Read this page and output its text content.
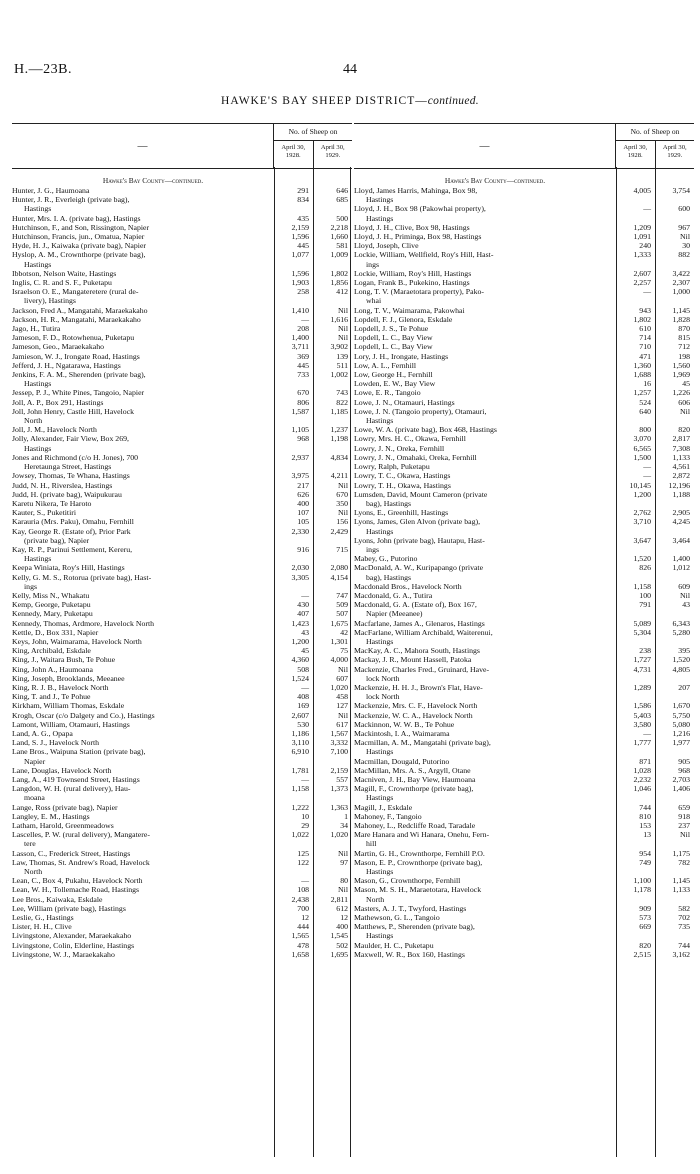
H.—23B.	44
HAWKE'S BAY SHEEP DISTRICT—continued.
—
No. of Sheep on
April 30, 1928.
April 30, 1929.
Hawke's Bay County—continued.
Hunter, J. G., Haumoana	291	646
Hunter, J. R., Everleigh (private bag),
Hastings
834	685
Hunter, Mrs. I. A. (private bag), Hastings	435	500
Hutchinson, F., and Son, Rissington, Napier	2,159	2,218
Hutchinson, Francis, jun., Omatua, Napier	1,596	1,660
Hyde, H. J., Kaiwaka (private bag), Napier	445	581
Hyslop, A. M., Crownthorpe (private bag),
Hastings
1,077	1,009
Ibbotson, Nelson Waite, Hastings	1,596	1,802
Inglis, C. R. and S. F., Puketapu	1,903	1,856
Israelson O. E., Mangateretere (rural de-
livery), Hastings
258	412
Jackson, Fred A., Mangatahi, Maraekakaho	1,410	Nil
Jackson, H. R., Mangatahi, Maraekakaho	—	1,616
Jago, H., Tutira	208	Nil
Jameson, F. D., Rotowhenua, Puketapu	1,400	Nil
Jameson, Geo., Maraekakaho	3,711	3,902
Jamieson, W. J., Irongate Road, Hastings	369	139
Jefferd, J. H., Ngatarawa, Hastings	445	511
Jenkins, F. A. M., Sherenden (private bag),
Hastings
733	1,002
Jessep, P. J., White Pines, Tangoio, Napier	670	743
Joll, A. P., Box 291, Hastings	806	822
Joll, John Henry, Castle Hill, Havelock
North
1,587	1,185
Joll, J. M., Havelock North	1,105	1,237
Jolly, Alexander, Fair View, Box 269,
Hastings
968	1,198
Jones and Richmond (c/o H. Jones), 700
Heretaunga Street, Hastings
2,937	4,834
Jowsey, Thomas, Te Whana, Hastings	3,975	4,211
Judd, N. H., Riverslea, Hastings	217	Nil
Judd, H. (private bag), Waipukurau	626	670
Karetu Nikera, Te Haroto	400	350
Kauter, S., Puketitiri	107	Nil
Karauria (Mrs. Paku), Omahu, Fernhill	105	156
Kay, George R. (Estate of), Prior Park
(private bag), Napier
2,330	2,429
Kay, R. P., Parinui Settlement, Kereru,
Hastings
916	715
Keepa Winiata, Roy's Hill, Hastings	2,030	2,080
Kelly, G. M. S., Rotorua (private bag), Hast-
ings
3,305	4,154
Kelly, Miss N., Whakatu	—	747
Kemp, George, Puketapu	430	509
Kennedy, Mary, Puketapu	407	507
Kennedy, Thomas, Ardmore, Havelock North	1,423	1,675
Kettle, D., Box 331, Napier	43	42
Keys, John, Waimarama, Havelock North	1,200	1,301
King, Archibald, Eskdale	45	75
King, J., Waitara Bush, Te Pohue	4,360	4,000
King, John A., Haumoana	508	Nil
King, Joseph, Brooklands, Meeanee	1,524	607
King, R. J. B., Havelock North	—	1,020
King, T. and J., Te Pohue	408	458
Kirkham, William Thomas, Eskdale	169	127
Krogh, Oscar (c/o Dalgety and Co.), Hastings	2,607	Nil
Lamont, William, Otamauri, Hastings	530	617
Land, A. G., Opapa	1,186	1,567
Land, S. J., Havelock North	3,110	3,332
Lane Bros., Waipuna Station (private bag),
Napier
6,910	7,100
Lane, Douglas, Havelock North	1,781	2,159
Lang, A., 419 Townsend Street, Hastings	—	557
Langdon, W. H. (rural delivery), Hau-
moana
1,158	1,373
Lange, Ross (private bag), Napier	1,222	1,363
Langley, E. M., Hastings	10	1
Latham, Harold, Greenmeadows	29	34
Lascelles, P. W. (rural delivery), Mangatere-
tere
1,022	1,020
Lasson, C., Frederick Street, Hastings	125	Nil
Law, Thomas, St. Andrew's Road, Havelock
North
122	97
Lean, C., Box 4, Pukahu, Havelock North	—	80
Lean, W. H., Tollemache Road, Hastings	108	Nil
Lee Bros., Kaiwaka, Eskdale	2,438	2,811
Lee, William (private bag), Hastings	700	612
Leslie, G., Hastings	12	12
Lister, H. H., Clive	444	400
Livingstone, Alexander, Maraekakaho	1,565	1,545
Livingstone, Colin, Elderline, Hastings	478	502
Livingstone, W. J., Maraekakaho	1,658	1,695
—
No. of Sheep on
April 30, 1928.
April 30, 1929.
Hawke's Bay County—continued.
Lloyd, James Harris, Mahinga, Box 98,
Hastings
4,005	3,754
Lloyd, J. H., Box 98 (Pakowhai property),
Hastings
—	600
Lloyd, J. H., Clive, Box 98, Hastings	1,209	967
Lloyd, J. H., Priminga, Box 98, Hastings	1,091	Nil
Lloyd, Joseph, Clive	240	30
Lockie, William, Wellfield, Roy's Hill, Hast-
ings
1,333	882
Lockie, William, Roy's Hill, Hastings	2,607	3,422
Logan, Frank B., Pukekino, Hastings	2,257	2,307
Long, T. V. (Maraetotara property), Pako-
whai
—	1,000
Long, T. V., Waimarama, Pakowhai	943	1,145
Lopdell, F. J., Glenora, Eskdale	1,802	1,828
Lopdell, J. S., Te Pohue	610	870
Lopdell, L. C., Bay View	714	815
Lopdell, L. C., Bay View	710	712
Lory, J. H., Irongate, Hastings	471	198
Low, A. L., Fernhill	1,360	1,560
Low, George H., Fernhill	1,688	1,969
Lowden, E. W., Bay View	16	45
Lowe, E. R., Tangoio	1,257	1,226
Lowe, J. N., Otamauri, Hastings	524	606
Lowe, J. N. (Tangoio property), Otamauri,
Hastings
640	Nil
Lowe, W. A. (private bag), Box 468, Hastings	800	820
Lowry, Mrs. H. C., Okawa, Fernhill	3,070	2,817
Lowry, J. N., Oreka, Fernhill	6,565	7,308
Lowry, J. N., Omahaki, Oreka, Fernhill	1,500	1,133
Lowry, Ralph, Puketapu	—	4,561
Lowry, T. C., Okawa, Hastings	—	2,872
Lowry, T. H., Okawa, Hastings	10,145	12,196
Lumsden, David, Mount Cameron (private
bag), Hastings
1,200	1,188
Lyons, E., Greenhill, Hastings	2,762	2,905
Lyons, James, Glen Alvon (private bag),
Hastings
3,710	4,245
Lyons, John (private bag), Hautapu, Hast-
ings
3,647	3,464
Mabey, G., Putorino	1,520	1,400
MacDonald, A. W., Kuripapango (private
bag), Hastings
826	1,012
Macdonald Bros., Havelock North	1,158	609
Macdonald, G. A., Tutira	100	Nil
Macdonald, G. A. (Estate of), Box 167,
Napier (Meeanee)
791	43
Macfarlane, James A., Glenaros, Hastings	5,089	6,343
MacFarlane, William Archibald, Waiterenui,
Hastings
5,304	5,280
MacKay, A. C., Mahora South, Hastings	238	395
Mackay, J. R., Mount Hassell, Patoka	1,727	1,520
Mackenzie, Charles Fred., Gruinard, Have-
lock North
4,731	4,805
Mackenzie, H. H. J., Brown's Flat, Have-
lock North
1,289	207
Mackenzie, Mrs. C. F., Havelock North	1,586	1,670
Mackenzie, W. C. A., Havelock North	5,403	5,750
Mackinnon, W. W. B., Te Pohue	3,580	5,080
Mackintosh, I. A., Waimarama	—	1,216
Macmillan, A. M., Mangatahi (private bag),
Hastings
1,777	1,977
Macmillan, Dougald, Putorino	871	905
MacMillan, Mrs. A. S., Argyll, Otane	1,028	968
Macniven, J. H., Bay View, Haumoana	2,232	2,703
Magill, F., Crownthorpe (private bag),
Hastings
1,046	1,406
Magill, J., Eskdale	744	659
Mahoney, F., Tangoio	810	918
Mahoney, L., Redcliffe Road, Taradale	153	237
Mare Hanara and Wi Hanara, Onehu, Fern-
hill
13	Nil
Martin, G. H., Crownthorpe, Fernhill P.O.	954	1,175
Mason, E. P., Crownthorpe (private bag),
Hastings
749	782
Mason, G., Crownthorpe, Fernhill	1,100	1,145
Mason, M. S. H., Maraetotara, Havelock
North
1,178	1,133
Masters, A. J. T., Twyford, Hastings	909	582
Mathewson, G. L., Tangoio	573	702
Matthews, P., Sherenden (private bag),
Hastings
669	735
Maulder, H. C., Puketapu	820	744
Maxwell, W. R., Box 160, Hastings	2,515	3,162
